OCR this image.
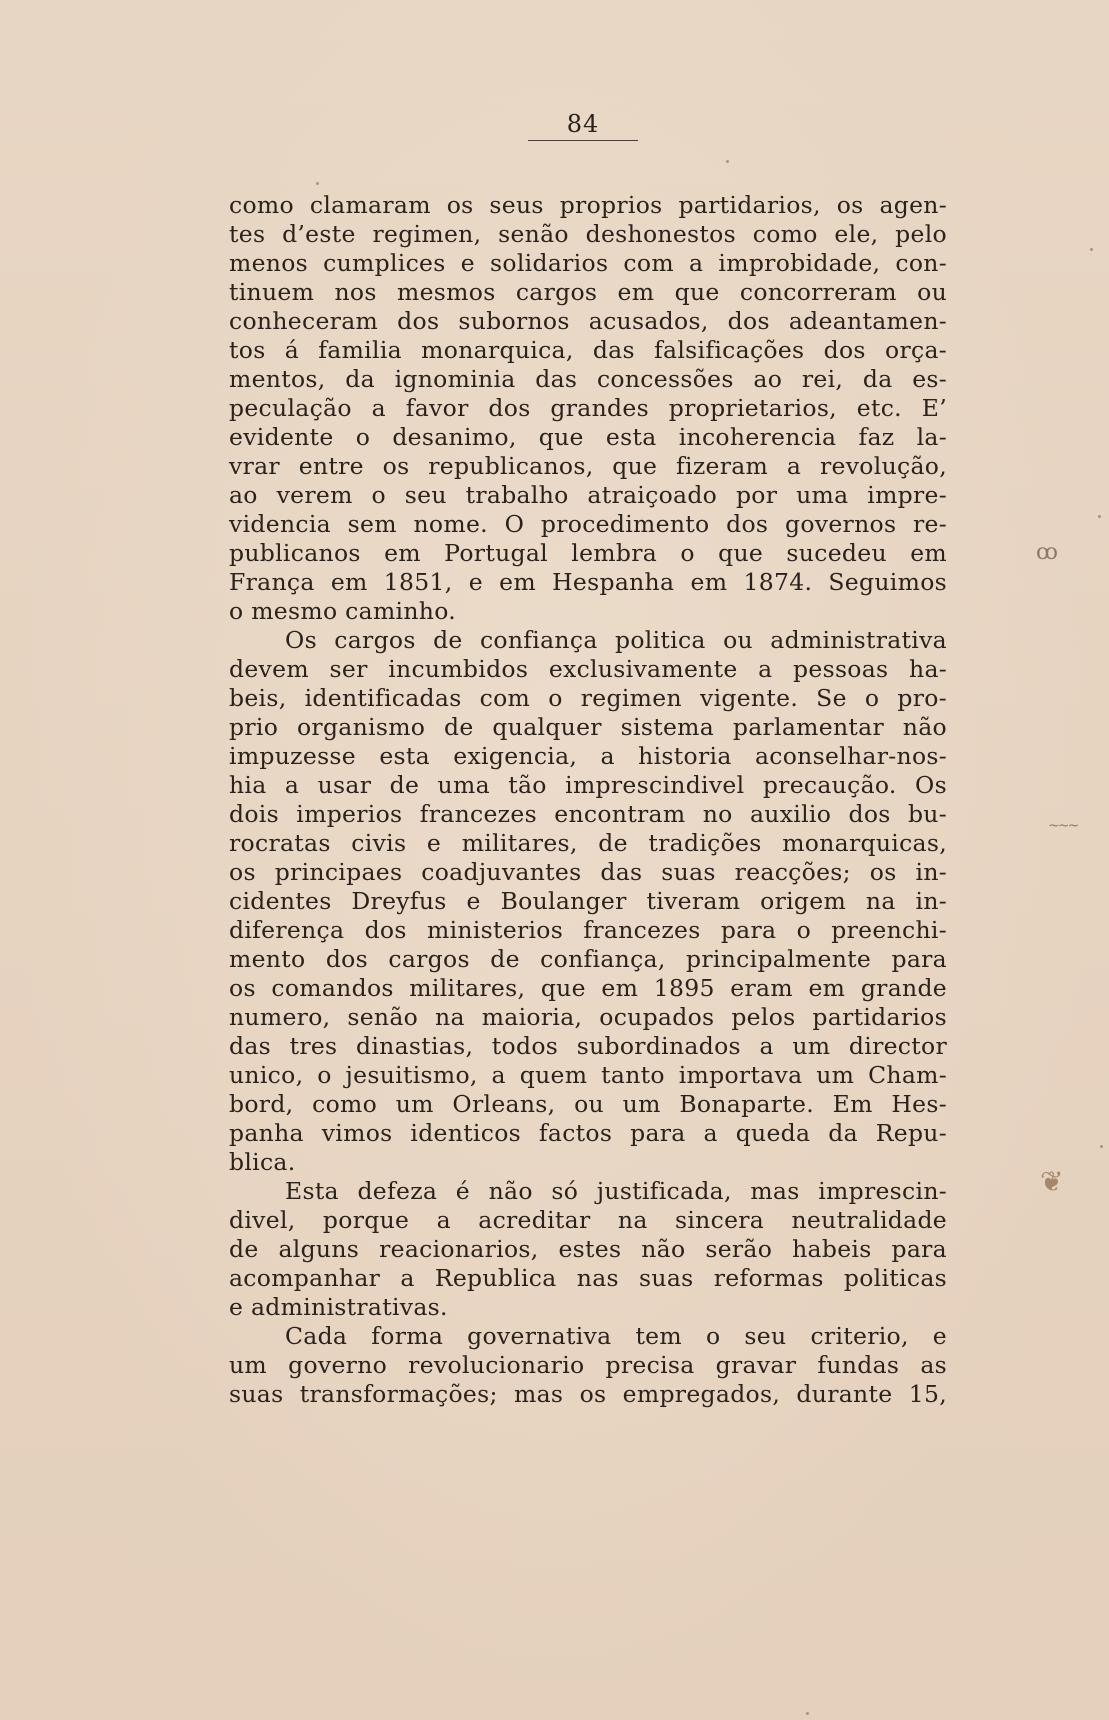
84
como clamaram os seus proprios partidarios, os agen-
tes d’este regimen, senão deshonestos como ele, pelo
menos cumplices e solidarios com a improbidade, con-
tinuem nos mesmos cargos em que concorreram ou
conheceram dos subornos acusados, dos adeantamen-
tos á familia monarquica, das falsificações dos orça-
mentos, da ignominia das concessões ao rei, da es-
peculação a favor dos grandes proprietarios, etc. E’
evidente o desanimo, que esta incoherencia faz la-
vrar entre os republicanos, que fizeram a revolução,
ao verem o seu trabalho atraiçoado por uma impre-
videncia sem nome. O procedimento dos governos re-
publicanos em Portugal lembra o que sucedeu em
França em 1851, e em Hespanha em 1874. Seguimos
o mesmo caminho.
Os cargos de confiança politica ou administrativa
devem ser incumbidos exclusivamente a pessoas ha-
beis, identificadas com o regimen vigente. Se o pro-
prio organismo de qualquer sistema parlamentar não
impuzesse esta exigencia, a historia aconselhar-nos-
hia a usar de uma tão imprescindivel precaução. Os
dois imperios francezes encontram no auxilio dos bu-
rocratas civis e militares, de tradições monarquicas,
os principaes coadjuvantes das suas reacções; os in-
cidentes Dreyfus e Boulanger tiveram origem na in-
diferença dos ministerios francezes para o preenchi-
mento dos cargos de confiança, principalmente para
os comandos militares, que em 1895 eram em grande
numero, senão na maioria, ocupados pelos partidarios
das tres dinastias, todos subordinados a um director
unico, o jesuitismo, a quem tanto importava um Cham-
bord, como um Orleans, ou um Bonaparte. Em Hes-
panha vimos identicos factos para a queda da Repu-
blica.
Esta defeza é não só justificada, mas imprescin-
divel, porque a acreditar na sincera neutralidade
de alguns reacionarios, estes não serão habeis para
acompanhar a Republica nas suas reformas politicas
e administrativas.
Cada forma governativa tem o seu criterio, e
um governo revolucionario precisa gravar fundas as
suas transformações; mas os empregados, durante 15,
ꝏ
~~~
❦
